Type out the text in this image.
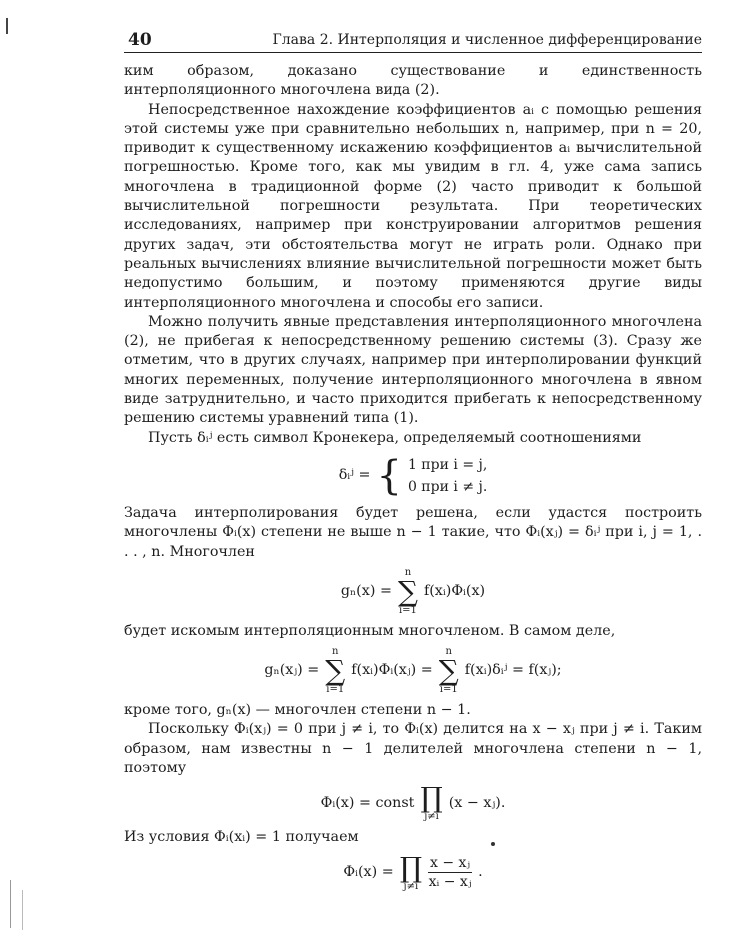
40	Глава 2. Интерполяция и численное дифференцирование

ким образом, доказано существование и единственность интерполяционного многочлена вида (2).

Непосредственное нахождение коэффициентов aᵢ с помощью решения этой системы уже при сравнительно небольших n, например, при n = 20, приводит к существенному искажению коэффициентов aᵢ вычислительной погрешностью. Кроме того, как мы увидим в гл. 4, уже сама запись многочлена в традиционной форме (2) часто приводит к большой вычислительной погрешности результата. При теоретических исследованиях, например при конструировании алгоритмов решения других задач, эти обстоятельства могут не играть роли. Однако при реальных вычислениях влияние вычислительной погрешности может быть недопустимо большим, и поэтому применяются другие виды интерполяционного многочлена и способы его записи.

Можно получить явные представления интерполяционного многочлена (2), не прибегая к непосредственному решению системы (3). Сразу же отметим, что в других случаях, например при интерполировании функций многих переменных, получение интерполяционного многочлена в явном виде затруднительно, и часто приходится прибегать к непосредственному решению системы уравнений типа (1).

Пусть δᵢʲ есть символ Кронекера, определяемый соотношениями

δᵢʲ = { 1 при i = j,
0 при i ≠ j.

Задача интерполирования будет решена, если удастся построить многочлены Φᵢ(x) степени не выше n − 1 такие, что Φᵢ(xⱼ) = δᵢʲ при i, j = 1, . . . , n. Многочлен

gₙ(x) =
n
∑
i=1
f(xᵢ)Φᵢ(x)

будет искомым интерполяционным многочленом. В самом деле,

gₙ(xⱼ) =
n
∑
i=1
f(xᵢ)Φᵢ(xⱼ) =
n
∑
i=1
f(xᵢ)δᵢʲ = f(xⱼ);

кроме того, gₙ(x) — многочлен степени n − 1.

Поскольку Φᵢ(xⱼ) = 0 при j ≠ i, то Φᵢ(x) делится на x − xⱼ при j ≠ i. Таким образом, нам известны n − 1 делителей многочлена степени n − 1, поэтому

Φᵢ(x) = const ∏
j≠i
(x − xⱼ).

Из условия Φᵢ(xᵢ) = 1 получаем

Φᵢ(x) = ∏
$j\ne i \frac{\text{x − xⱼ}}{\text{xᵢ − xⱼ}}$ .
